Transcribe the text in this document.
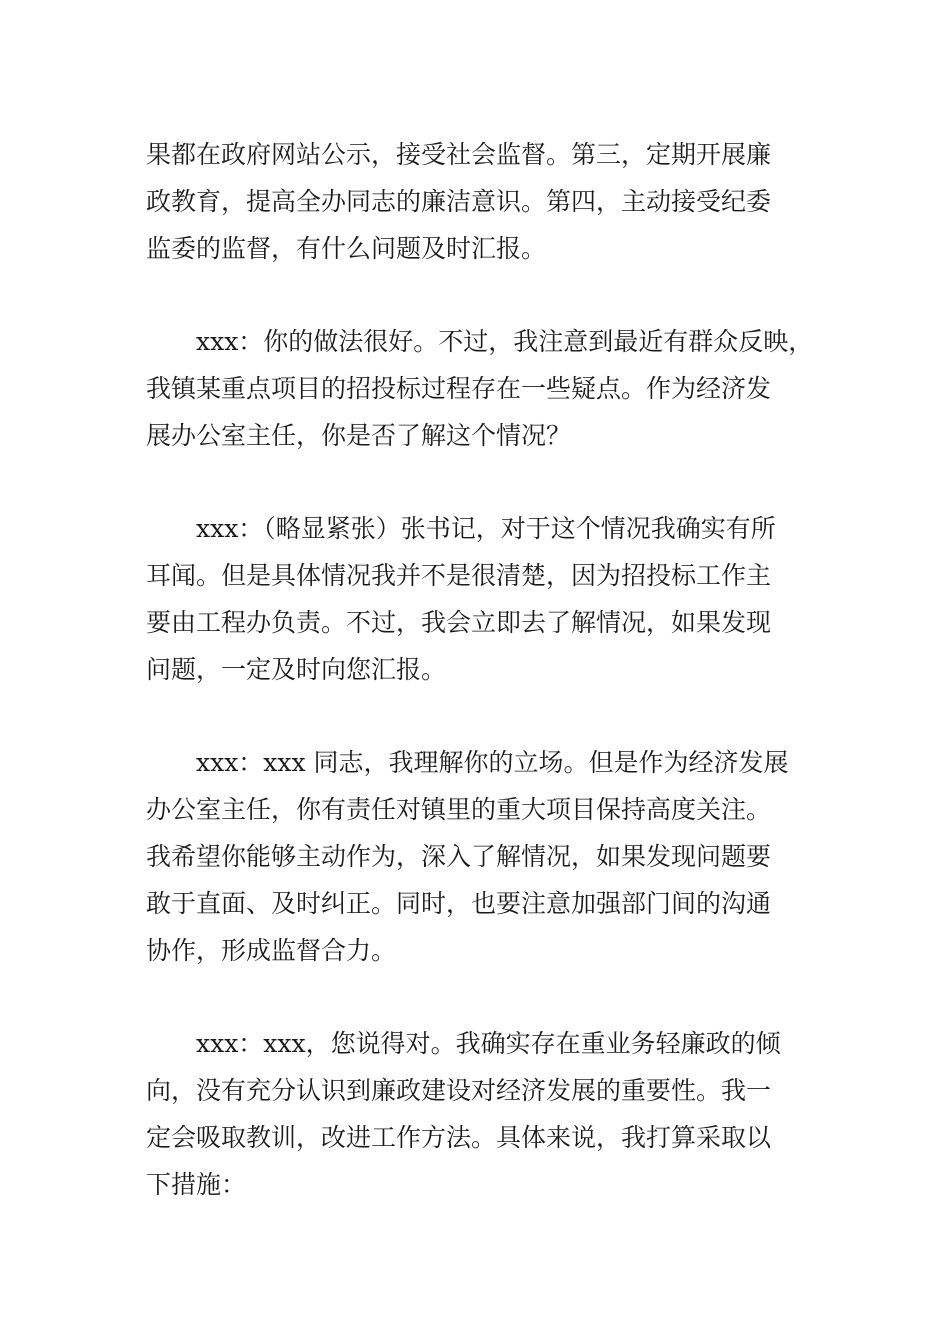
果都在政府网站公示，接受社会监督。第三，定期开展廉
政教育，提高全办同志的廉洁意识。第四，主动接受纪委
监委的监督，有什么问题及时汇报。

xxx：你的做法很好。不过，我注意到最近有群众反映，
我镇某重点项目的招投标过程存在一些疑点。作为经济发
展办公室主任，你是否了解这个情况？

xxx：（略显紧张）张书记，对于这个情况我确实有所
耳闻。但是具体情况我并不是很清楚，因为招投标工作主
要由工程办负责。不过，我会立即去了解情况，如果发现
问题，一定及时向您汇报。

xxx：xxx 同志，我理解你的立场。但是作为经济发展
办公室主任，你有责任对镇里的重大项目保持高度关注。
我希望你能够主动作为，深入了解情况，如果发现问题要
敢于直面、及时纠正。同时，也要注意加强部门间的沟通
协作，形成监督合力。

xxx：xxx，您说得对。我确实存在重业务轻廉政的倾
向，没有充分认识到廉政建设对经济发展的重要性。我一
定会吸取教训，改进工作方法。具体来说，我打算采取以
下措施：
